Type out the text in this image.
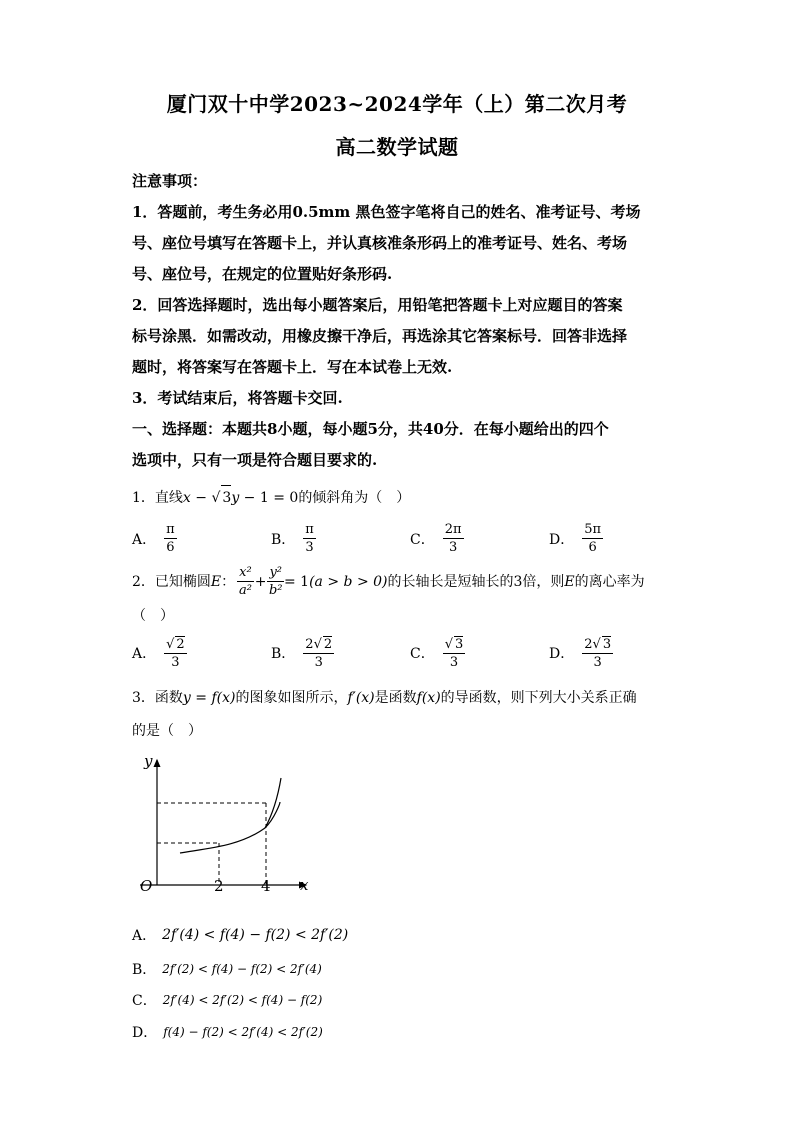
厦门双十中学2023~2024学年（上）第二次月考
高二数学试题
注意事项：
1．答题前，考生务必用0.5mm 黑色签字笔将自己的姓名、准考证号、考场
号、座位号填写在答题卡上，并认真核准条形码上的准考证号、姓名、考场
号、座位号，在规定的位置贴好条形码.
2．回答选择题时，选出每小题答案后，用铅笔把答题卡上对应题目的答案
标号涂黑．如需改动，用橡皮擦干净后，再选涂其它答案标号．回答非选择
题时，将答案写在答题卡上．写在本试卷上无效.
3．考试结束后，将答题卡交回.
一、选择题：本题共8小题，每小题5分，共40分．在每小题给出的四个
选项中，只有一项是符合题目要求的.
1．直线x − √ 3y − 1 = 0的倾斜角为（　）
A． $\frac{\pi}{6}$	B． $\frac{\pi}{3}$	C． $\frac{2\pi}{3}$	D． $\frac{5\pi}{6}$
2．已知椭圆 E ： $\frac{\text{x²}}{\text{a²}} + \frac{\text{y²}}{\text{b²}} = 1$ (a > b > 0) 的长轴长是短轴长的3倍，则 E 的离心率为
（　）
A． $\frac{√ 2}{3}$	B． $\frac{2√ 2}{3}$	C． $\frac{√ 3}{3}$	D． $\frac{2√ 3}{3}$
3．函数y = f(x)的图象如图所示，f′(x)是函数f(x)的导函数，则下列大小关系正确
的是（　）
y
x
O	2 4
A． 2f′(4) < f(4) − f(2) < 2f′(2)
B． 2f′(2) < f(4) − f(2) < 2f′(4)
C． 2f′(4) < 2f′(2) < f(4) − f(2)
D． f(4) − f(2) < 2f′(4) < 2f′(2)
